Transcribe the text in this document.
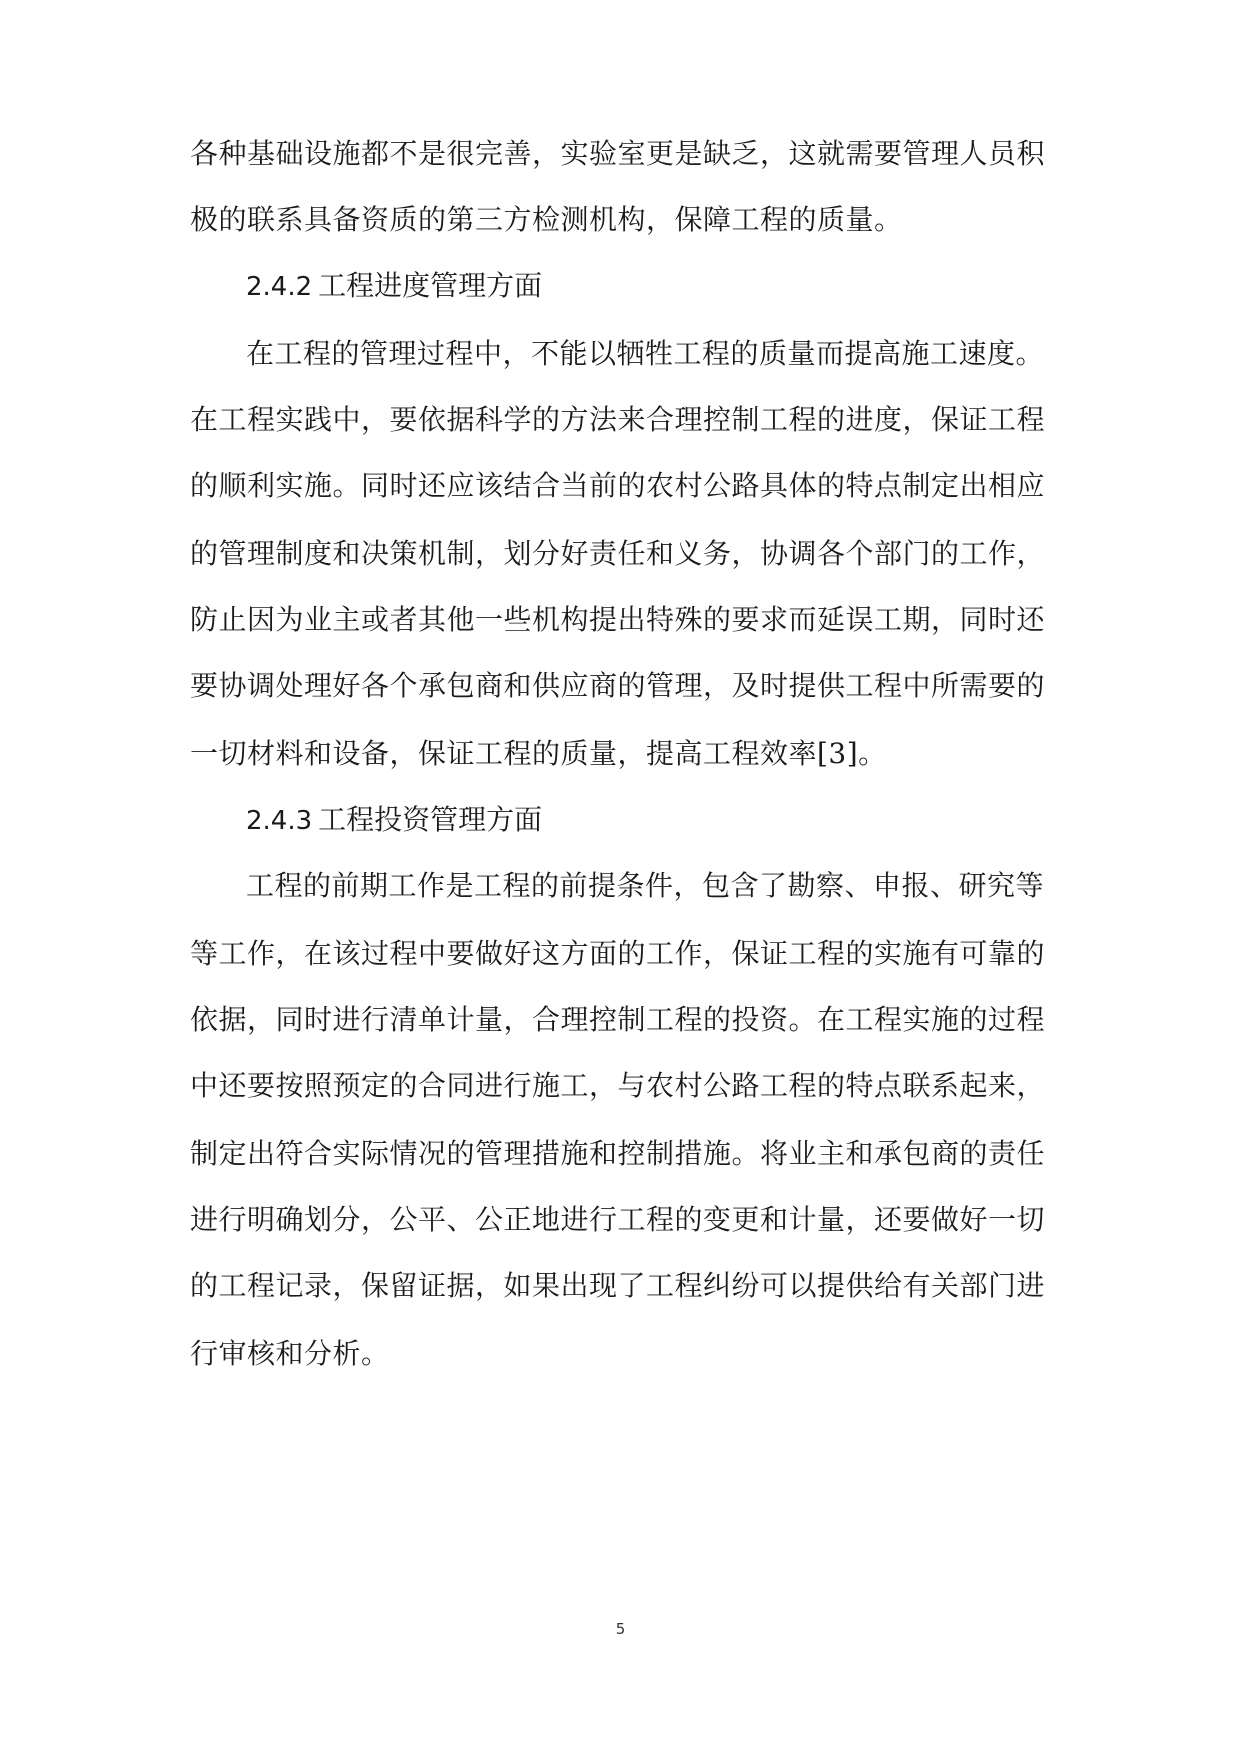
各种基础设施都不是很完善，实验室更是缺乏，这就需要管理人员积
极的联系具备资质的第三方检测机构，保障工程的质量。
2.4.2 工程进度管理方面
在工程的管理过程中，不能以牺牲工程的质量而提高施工速度。
在工程实践中，要依据科学的方法来合理控制工程的进度，保证工程
的顺利实施。同时还应该结合当前的农村公路具体的特点制定出相应
的管理制度和决策机制，划分好责任和义务，协调各个部门的工作，
防止因为业主或者其他一些机构提出特殊的要求而延误工期，同时还
要协调处理好各个承包商和供应商的管理，及时提供工程中所需要的
一切材料和设备，保证工程的质量，提高工程效率[3]。
2.4.3 工程投资管理方面
工程的前期工作是工程的前提条件，包含了勘察、申报、研究等
等工作，在该过程中要做好这方面的工作，保证工程的实施有可靠的
依据，同时进行清单计量，合理控制工程的投资。在工程实施的过程
中还要按照预定的合同进行施工，与农村公路工程的特点联系起来，
制定出符合实际情况的管理措施和控制措施。将业主和承包商的责任
进行明确划分，公平、公正地进行工程的变更和计量，还要做好一切
的工程记录，保留证据，如果出现了工程纠纷可以提供给有关部门进
行审核和分析。
5
